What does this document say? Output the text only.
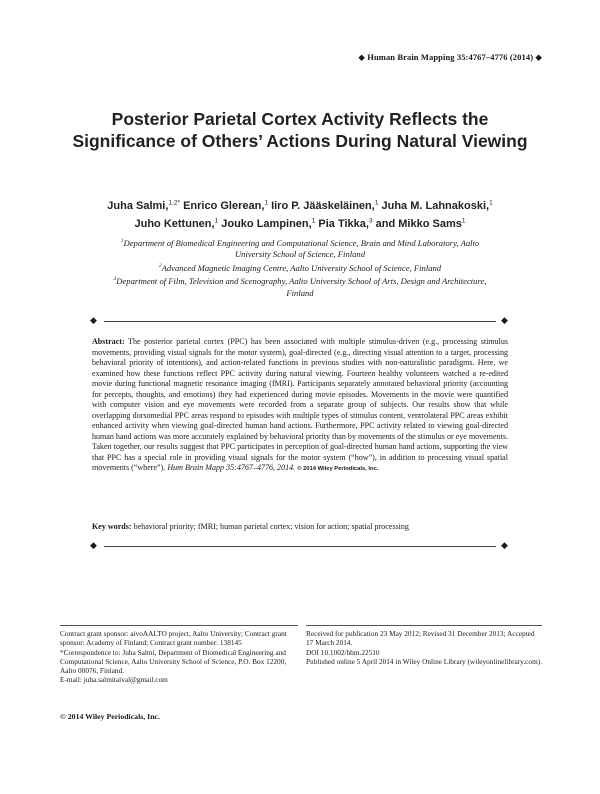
◆ Human Brain Mapping 35:4767–4776 (2014) ◆
Posterior Parietal Cortex Activity Reflects the Significance of Others’ Actions During Natural Viewing
Juha Salmi,$^{1,2*}$ Enrico Glerean,$^1$ Iiro P. Jääskeläinen,$^1$ Juha M. Lahnakoski,$^1$
Juho Kettunen,$^1$ Jouko Lampinen,$^1$ Pia Tikka,$^3$ and Mikko Sams$^1$
$^1$Department of Biomedical Engineering and Computational Science, Brain and Mind Laboratory, Aalto University School of Science, Finland
$^2$Advanced Magnetic Imaging Centre, Aalto University School of Science, Finland
$^3$Department of Film, Television and Scenography, Aalto University School of Arts, Design and Architecture, Finland
◆	◆
Abstract: The posterior parietal cortex (PPC) has been associated with multiple stimulus-driven (e.g., processing stimulus movements, providing visual signals for the motor system), goal-directed (e.g., directing visual attention to a target, processing behavioral priority of intentions), and action-related functions in previous studies with non-naturalistic paradigms. Here, we examined how these functions reflect PPC activity during natural viewing. Fourteen healthy volunteers watched a re-edited movie during functional magnetic resonance imaging (fMRI). Participants separately annotated behavioral priority (accounting for percepts, thoughts, and emotions) they had experienced during movie episodes. Movements in the movie were quantified with computer vision and eye movements were recorded from a separate group of subjects. Our results show that while overlapping dorsomedial PPC areas respond to episodes with multiple types of stimulus content, ventrolateral PPC areas exhibit enhanced activity when viewing goal-directed human hand actions. Furthermore, PPC activity related to viewing goal-directed human hand actions was more accurately explained by behavioral priority than by movements of the stimulus or eye movements. Taken together, our results suggest that PPC participates in perception of goal-directed human hand actions, supporting the view that PPC has a special role in providing visual signals for the motor system (“how”), in addition to processing visual spatial movements (“where”). Hum Brain Mapp 35:4767–4776, 2014. © 2014 Wiley Periodicals, Inc.
Key words: behavioral priority; fMRI; human parietal cortex; vision for action; spatial processing
◆	◆

Contract grant sponsor: aivoAALTO project, Aalto University; Contract grant sponsor: Academy of Finland; Contract grant number: 138145

*Correspondence to: Juha Salmi, Department of Biomedical Engineering and Computational Science, Aalto University School of Science, P.O. Box 12200, Aalto 00076, Finland.

E-mail: juha.salmitaival@gmail.com

Received for publication 23 May 2012; Revised 31 December 2013; Accepted 17 March 2014.

DOI 10.1002/hbm.22510

Published online 5 April 2014 in Wiley Online Library (wileyonlinelibrary.com).

© 2014 Wiley Periodicals, Inc.
